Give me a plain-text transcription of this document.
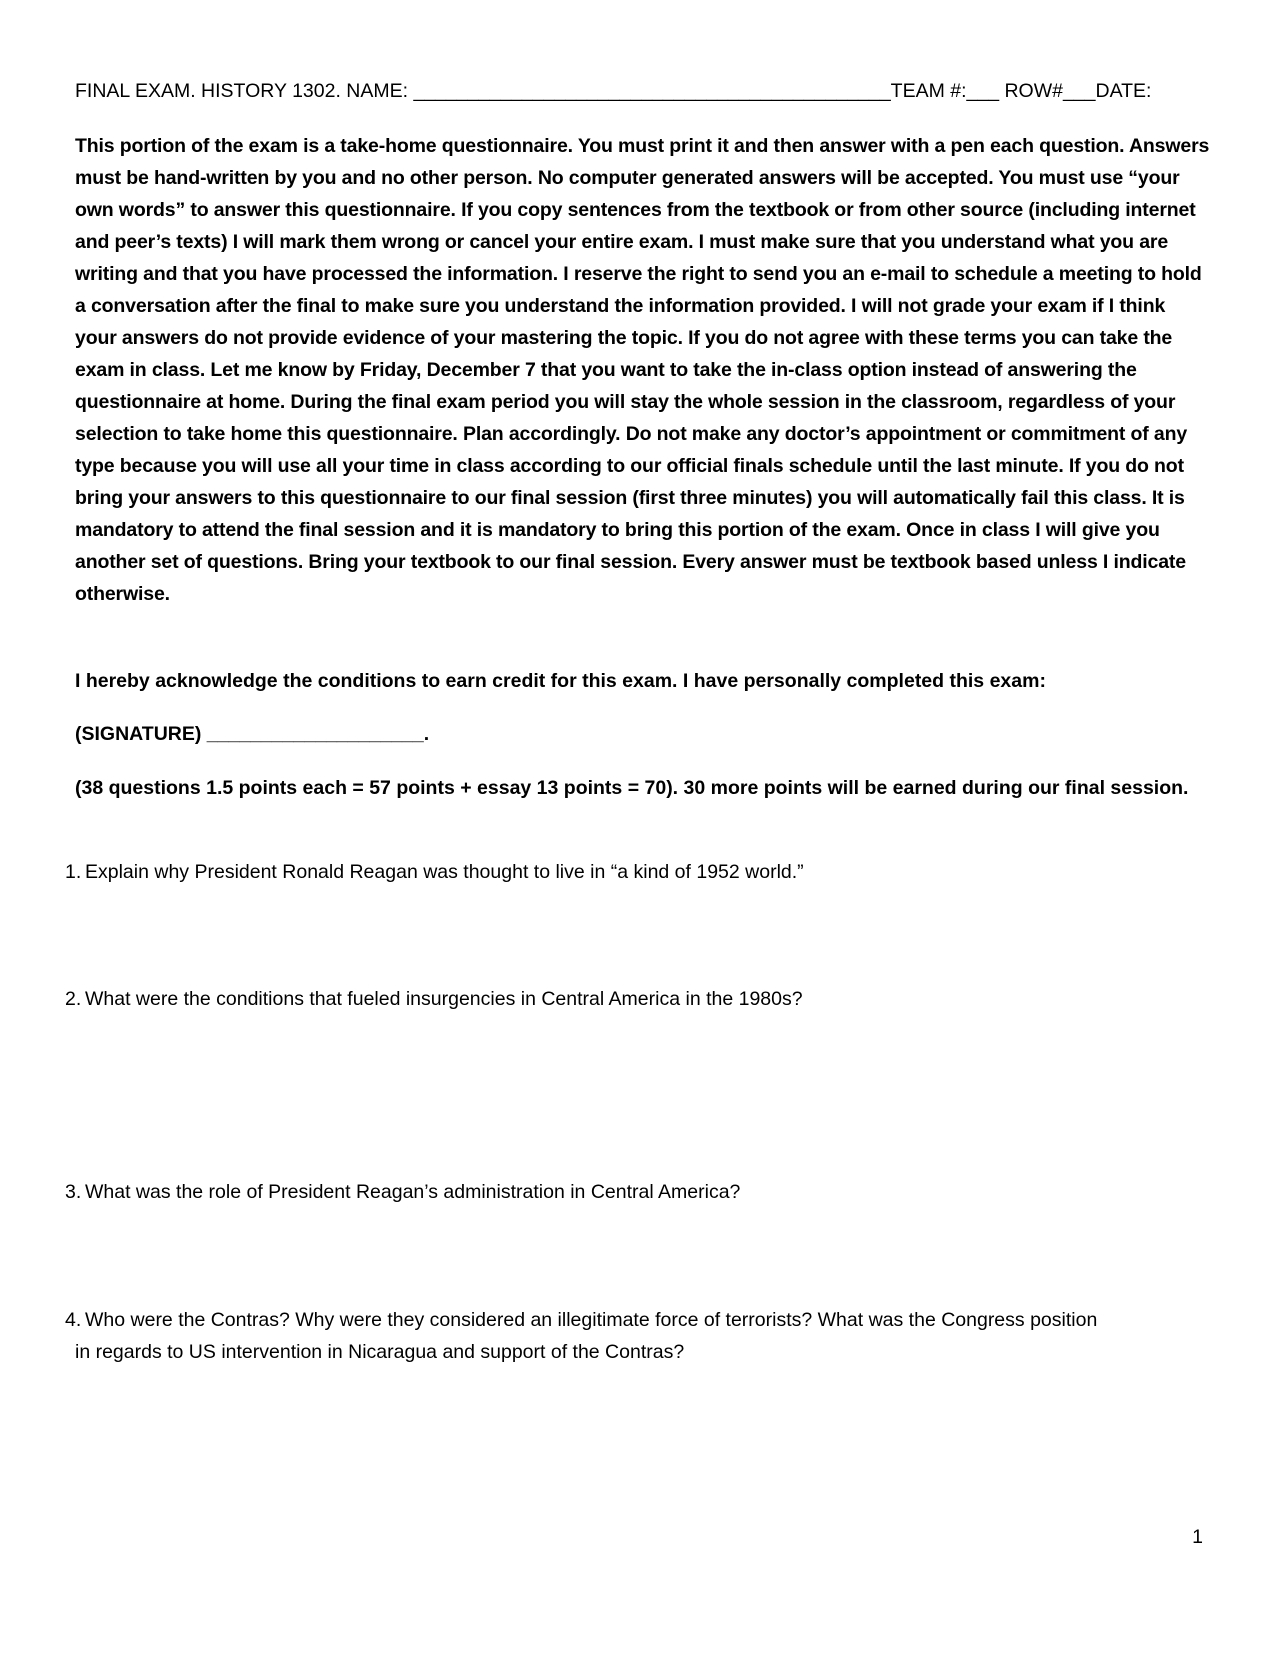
FINAL EXAM. HISTORY 1302. NAME: ____________________________________________TEAM #:___ ROW#___DATE:

This portion of the exam is a take-home questionnaire. You must print it and then answer with a pen each question. Answers must be hand-written by you and no other person. No computer generated answers will be accepted. You must use “your own words” to answer this questionnaire. If you copy sentences from the textbook or from other source (including internet and peer’s texts) I will mark them wrong or cancel your entire exam. I must make sure that you understand what you are writing and that you have processed the information. I reserve the right to send you an e-mail to schedule a meeting to hold a conversation after the final to make sure you understand the information provided. I will not grade your exam if I think your answers do not provide evidence of your mastering the topic. If you do not agree with these terms you can take the exam in class. Let me know by Friday, December 7 that you want to take the in-class option instead of answering the questionnaire at home. During the final exam period you will stay the whole session in the classroom, regardless of your selection to take home this questionnaire. Plan accordingly. Do not make any doctor’s appointment or commitment of any type because you will use all your time in class according to our official finals schedule until the last minute. If you do not bring your answers to this questionnaire to our final session (first three minutes) you will automatically fail this class. It is mandatory to attend the final session and it is mandatory to bring this portion of the exam. Once in class I will give you another set of questions. Bring your textbook to our final session. Every answer must be textbook based unless I indicate otherwise.

I hereby acknowledge the conditions to earn credit for this exam. I have personally completed this exam:
(SIGNATURE) ____________________.
(38 questions 1.5 points each = 57 points + essay 13 points = 70). 30 more points will be earned during our final session.
1. Explain why President Ronald Reagan was thought to live in “a kind of 1952 world.”
2. What were the conditions that fueled insurgencies in Central America in the 1980s?
3. What was the role of President Reagan’s administration in Central America?
4. Who were the Contras? Why were they considered an illegitimate force of terrorists? What was the Congress position
in regards to US intervention in Nicaragua and support of the Contras?
1
